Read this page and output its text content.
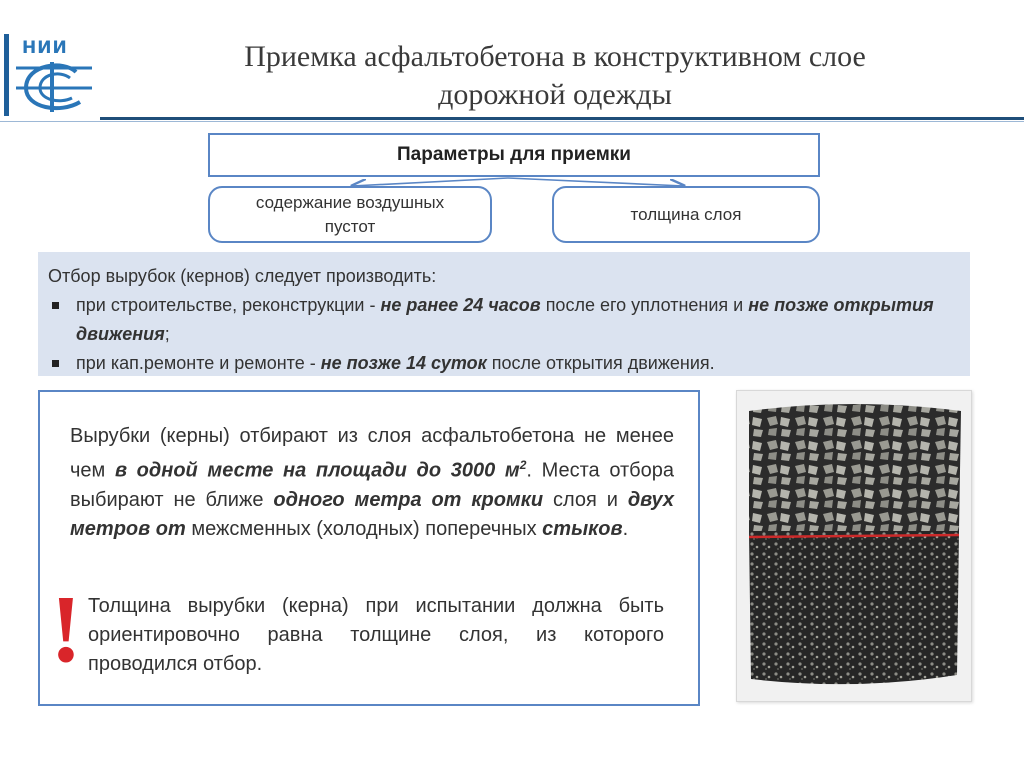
НИИ	Приемка асфальтобетона в конструктивном слое
дорожной одежды
Параметры для приемки
содержание воздушных
пустот
толщина слоя
Отбор вырубок (кернов) следует производить:
при строительстве, реконструкции - не ранее 24 часов после его уплотнения и не позже открытия движения;
при кап.ремонте и ремонте - не позже 14 суток после открытия движения.
Вырубки (керны) отбирают из слоя асфальтобетона не менее чем в одной месте на площади до 3000 $м^2$. Места отбора выбирают не ближе одного метра от кромки слоя и двух метров от межсменных (холодных) поперечных стыков.
! Толщина вырубки (керна) при испытании должна быть ориентировочно равна толщине слоя, из которого проводился отбор.
